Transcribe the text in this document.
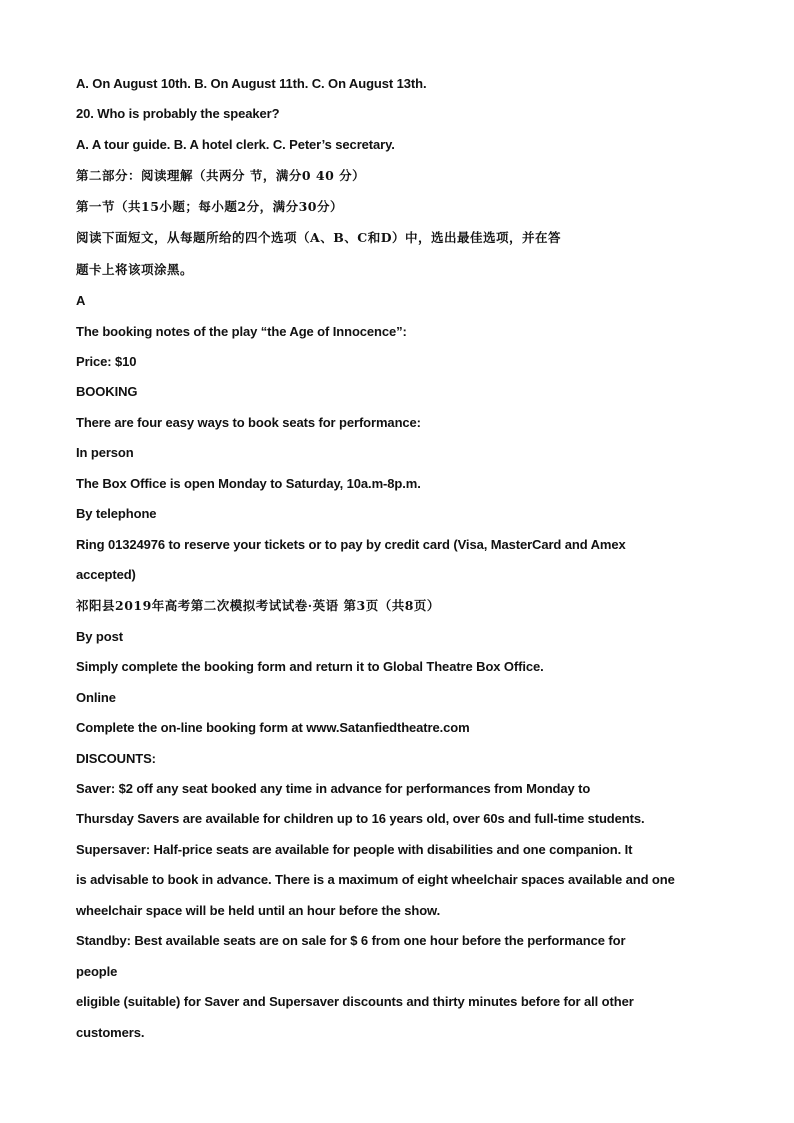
A. On August 10th. B. On August 11th. C. On August 13th.

20. Who is probably the speaker?

A. A tour guide. B. A hotel clerk. C. Peter’s secretary.

第二部分：阅读理解（共两分 节，满分0 40 分）

第一节（共15小题；每小题2分，满分30分）

阅读下面短文，从每题所给的四个选项（A、B、C和D）中，选出最佳选项，并在答

题卡上将该项涂黑。

A

The booking notes of the play “the Age of Innocence”:

Price: $10

BOOKING

There are four easy ways to book seats for performance:

In person

The Box Office is open Monday to Saturday, 10a.m-8p.m.

By telephone

Ring 01324976 to reserve your tickets or to pay by credit card (Visa, MasterCard and Amex

accepted)

祁阳县2019年高考第二次模拟考试试卷·英语 第3页（共8页）

By post

Simply complete the booking form and return it to Global Theatre Box Office.

Online

Complete the on-line booking form at www.Satanfiedtheatre.com

DISCOUNTS:

Saver: $2 off any seat booked any time in advance for performances from Monday to

Thursday Savers are available for children up to 16 years old, over 60s and full-time students.

Supersaver: Half-price seats are available for people with disabilities and one companion. It

is advisable to book in advance. There is a maximum of eight wheelchair spaces available and one

wheelchair space will be held until an hour before the show.

Standby: Best available seats are on sale for $ 6 from one hour before the performance for

people

eligible (suitable) for Saver and Supersaver discounts and thirty minutes before for all other

customers.
